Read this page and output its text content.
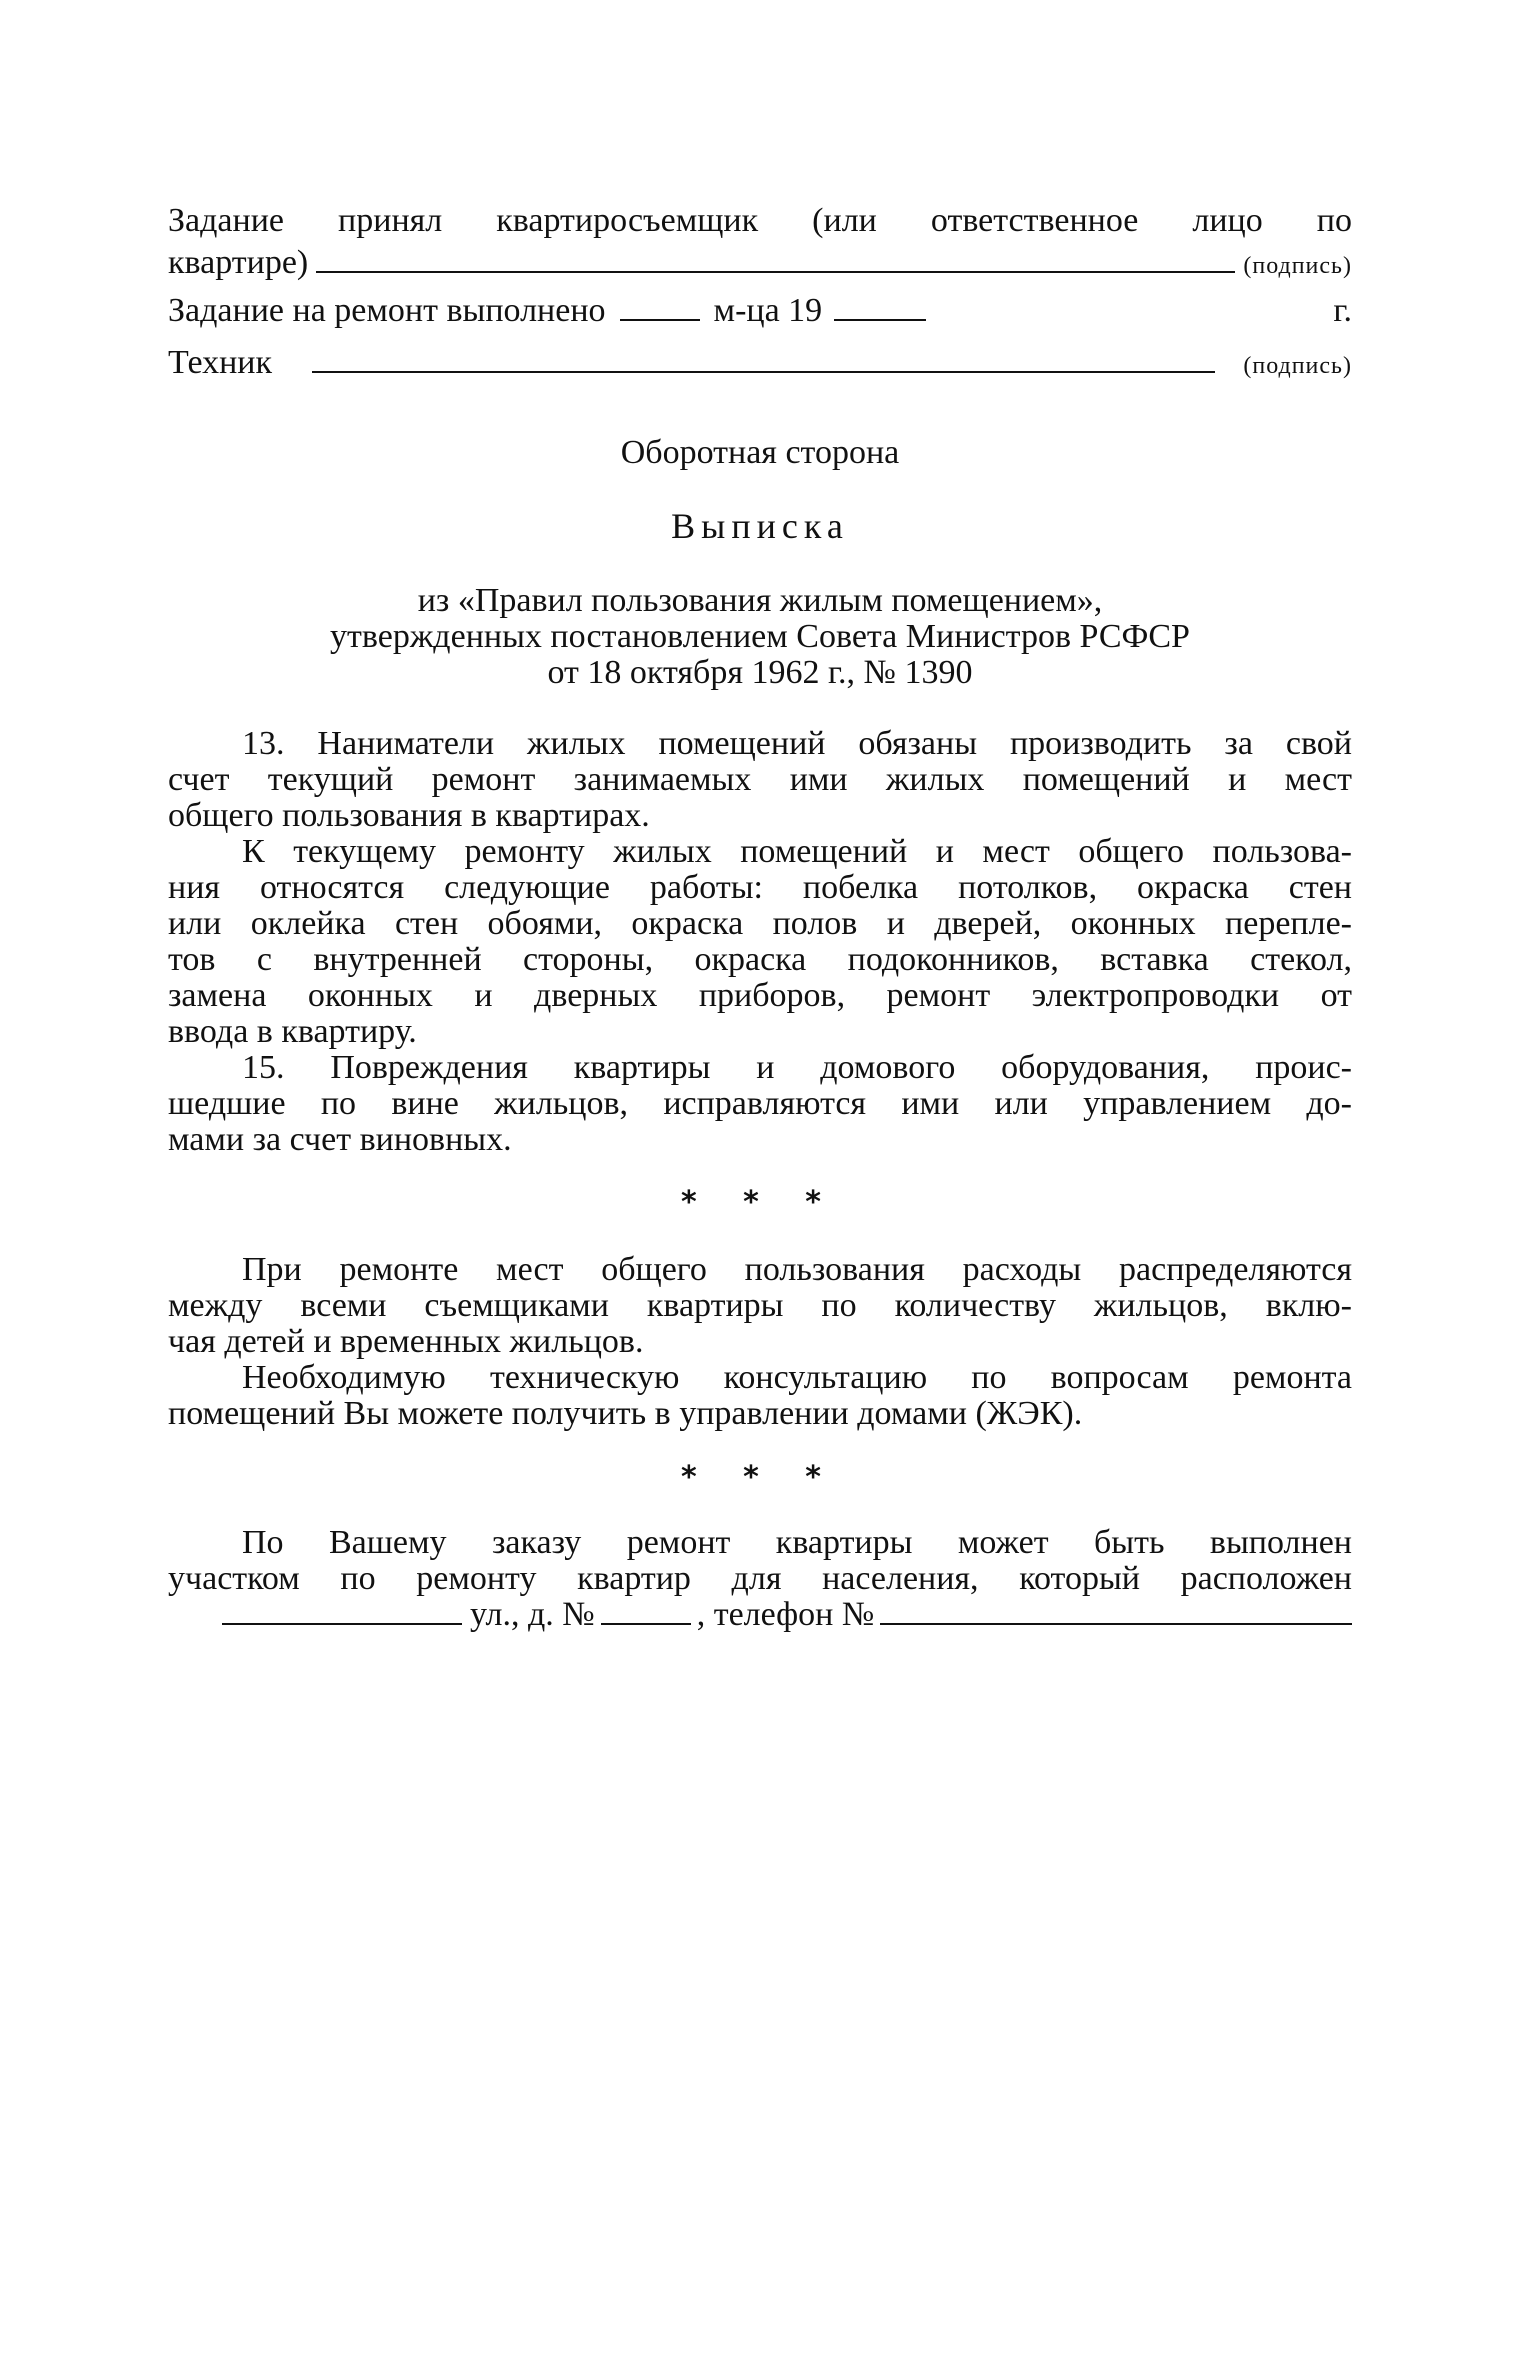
Задание принял квартиросъемщик (или ответственное лицо по
квартире)	(подпись)
Задание на ремонт выполнено	м-ца 19	г.
Техник	(подпись)
Оборотная сторона
Выписка
из «Правил пользования жилым помещением»,
утвержденных постановлением Совета Министров РСФСР
от 18 октября 1962 г., № 1390
13. Наниматели жилых помещений обязаны производить за свой
счет текущий ремонт занимаемых ими жилых помещений и мест
общего пользования в квартирах.
К текущему ремонту жилых помещений и мест общего пользова-
ния относятся следующие работы: побелка потолков, окраска стен
или оклейка стен обоями, окраска полов и дверей, оконных перепле-
тов с внутренней стороны, окраска подоконников, вставка стекол,
замена оконных и дверных приборов, ремонт электропроводки от
ввода в квартиру.
15. Повреждения квартиры и домового оборудования, проис-
шедшие по вине жильцов, исправляются ими или управлением до-
мами за счет виновных.
* * *
При ремонте мест общего пользования расходы распределяются
между всеми съемщиками квартиры по количеству жильцов, вклю-
чая детей и временных жильцов.
Необходимую техническую консультацию по вопросам ремонта
помещений Вы можете получить в управлении домами (ЖЭК).
* * *
По Вашему заказу ремонт квартиры может быть выполнен
участком по ремонту квартир для населения, который расположен
ул., д. №	, телефон №
